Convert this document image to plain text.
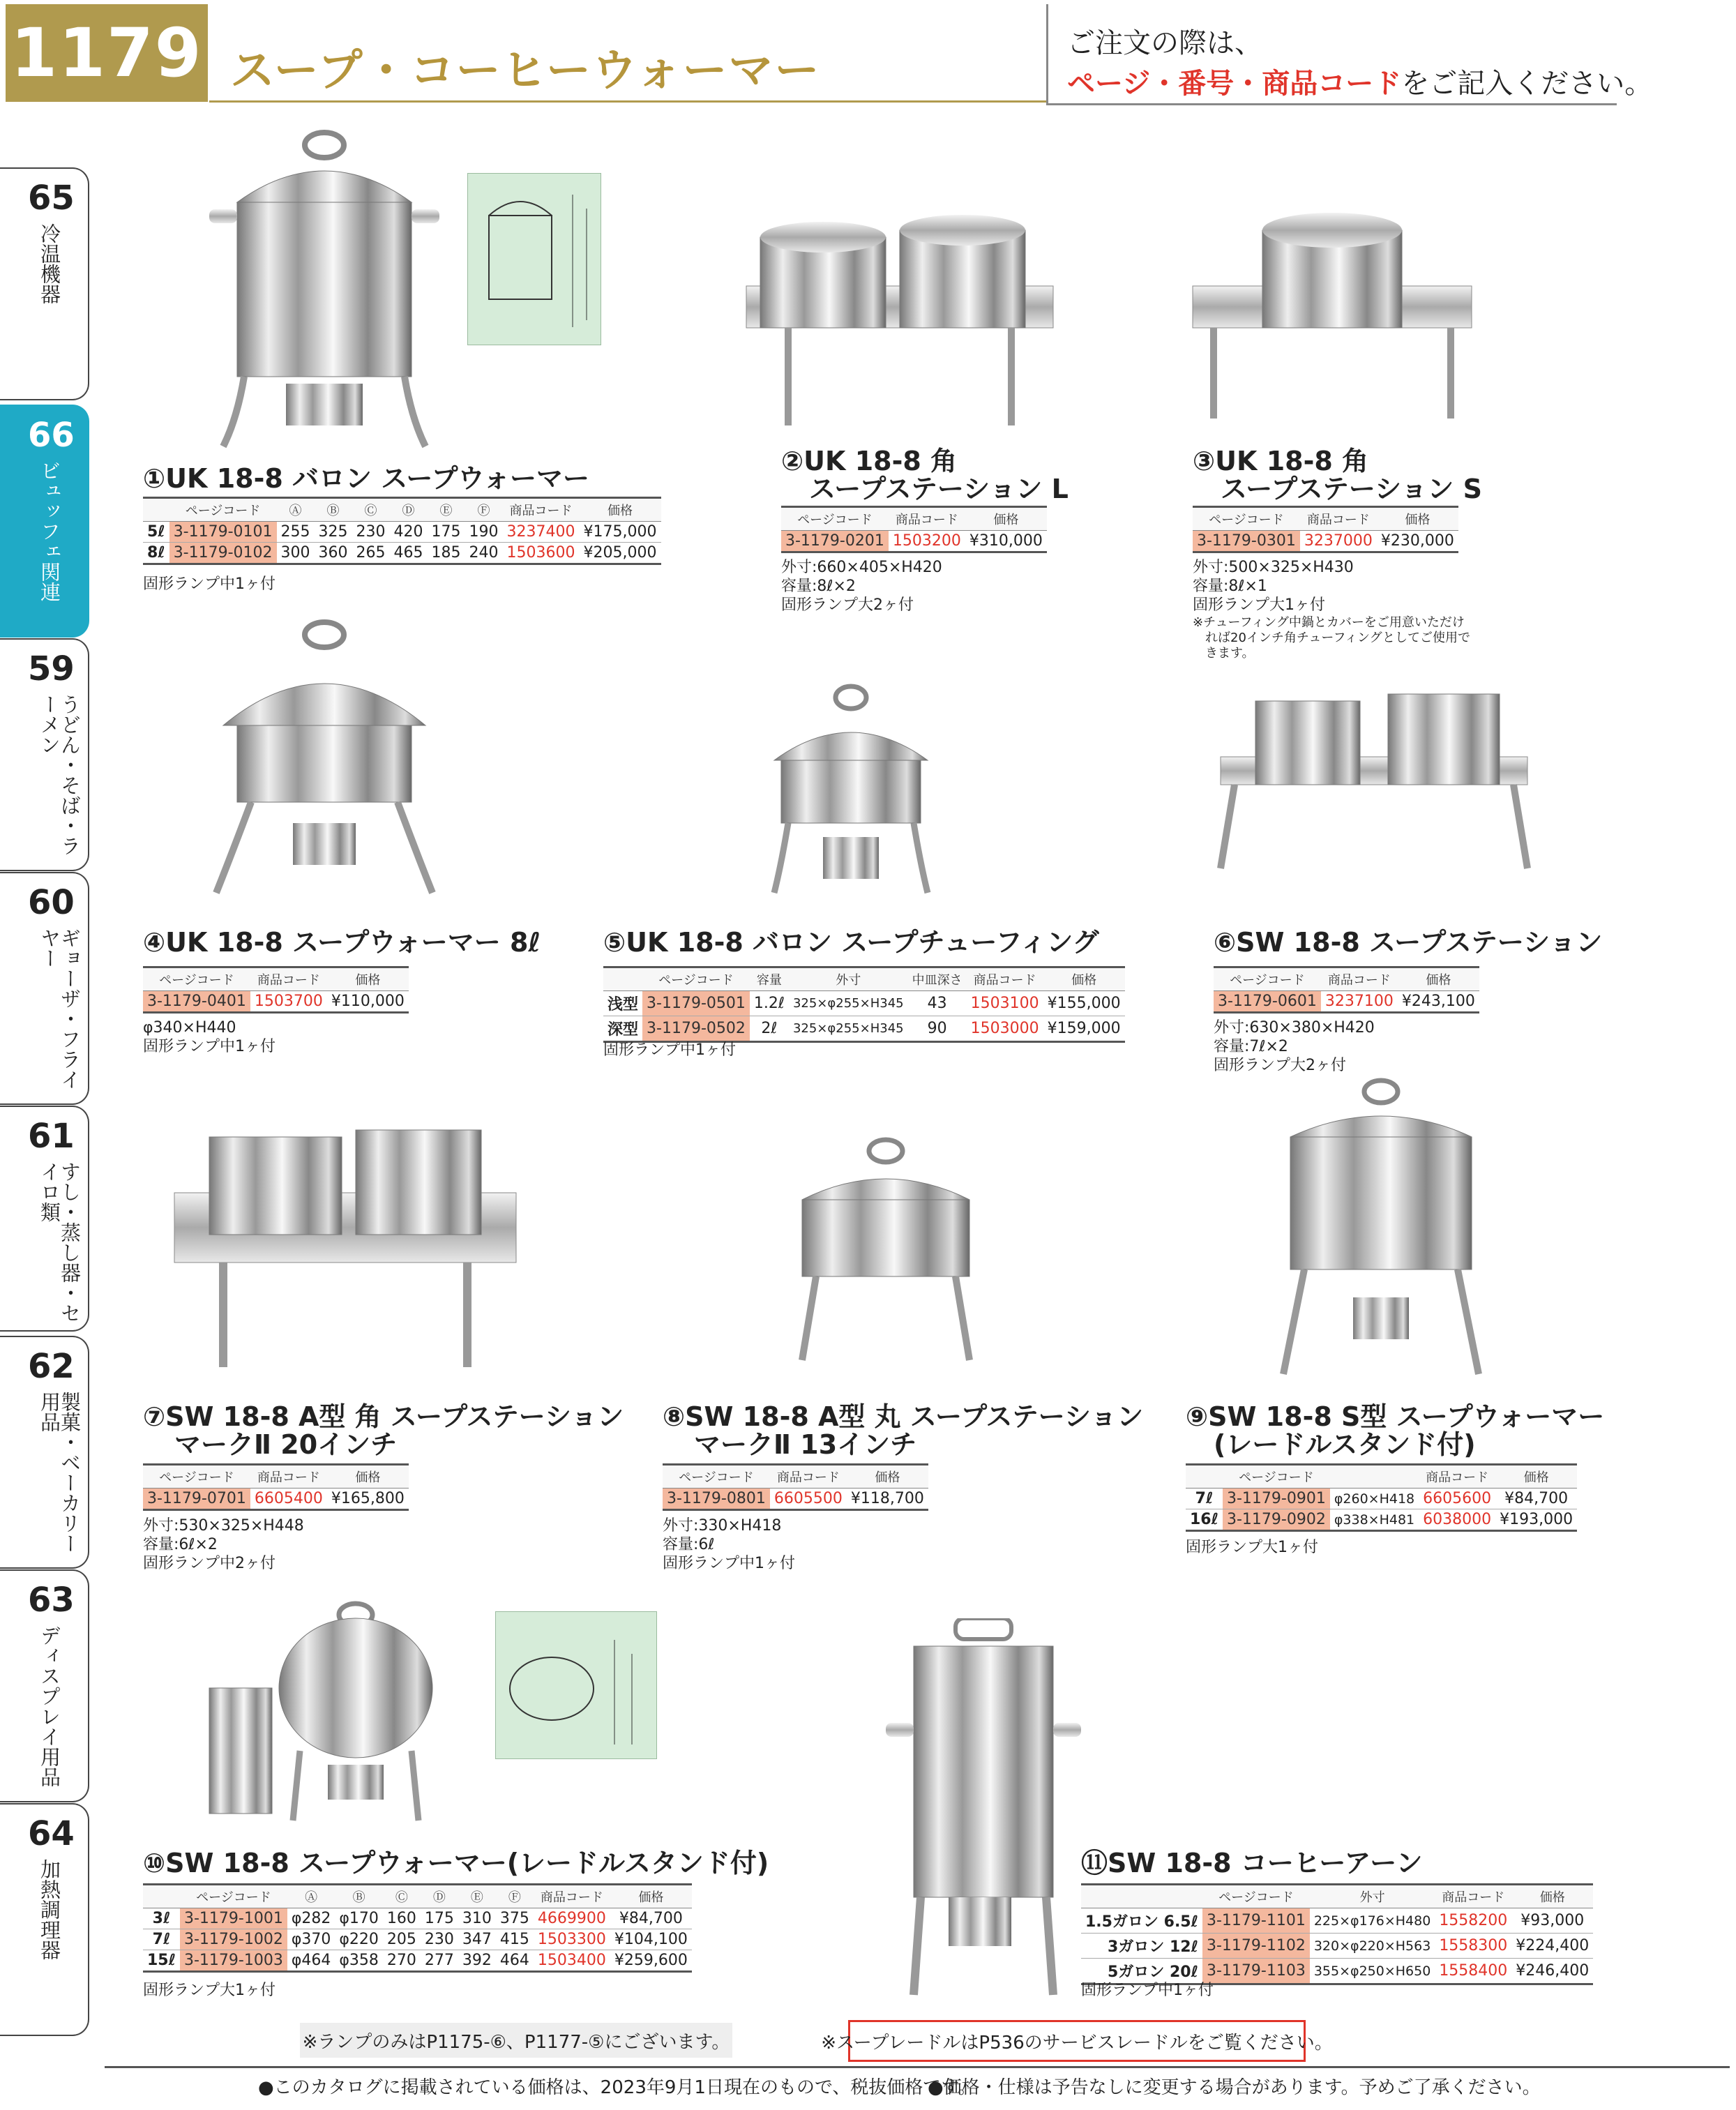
1179 スープ・コーヒーウォーマー
ご注文の際は、
ページ・番号・商品コードをご記入ください。
65
冷温機器
66
ビュッフェ関連
59
うどん・そば・ラーメン
60
ギョーザ・フライヤー
61
すし・蒸し器・セイロ類
62
製菓・ベーカリー用品
63
ディスプレイ用品
64
加熱調理器
①UK 18-8 バロン スープウォーマー
	ページコード	Ⓐ	Ⓑ	Ⓒ	Ⓓ	Ⓔ	Ⓕ	商品コード	価格
5ℓ	3-1179-0101	255	325	230	420	175	190	3237400	¥175,000
8ℓ	3-1179-0102	300	360	265	465	185	240	1503600	¥205,000
固形ランプ中1ヶ付
②UK 18-8 角
スープステーション L
ページコード	商品コード	価格
3-1179-0201	1503200	¥310,000
外寸:660×405×H420
容量:8ℓ×2
固形ランプ大2ヶ付
③UK 18-8 角
スープステーション S
ページコード	商品コード	価格
3-1179-0301	3237000	¥230,000
外寸:500×325×H430
容量:8ℓ×1
固形ランプ大1ヶ付
※チューフィング中鍋とカバーをご用意いただけ
れば20インチ角チューフィングとしてご使用で
きます。
④UK 18-8 スープウォーマー 8ℓ
ページコード	商品コード	価格
3-1179-0401	1503700	¥110,000
φ340×H440
固形ランプ中1ヶ付
⑤UK 18-8 バロン スープチューフィング
	ページコード	容量	外寸	中皿深さ	商品コード	価格
浅型	3-1179-0501	1.2ℓ	325×φ255×H345	43	1503100	¥155,000
深型	3-1179-0502	2ℓ	325×φ255×H345	90	1503000	¥159,000
固形ランプ中1ヶ付
⑥SW 18-8 スープステーション
ページコード	商品コード	価格
3-1179-0601	3237100	¥243,100
外寸:630×380×H420
容量:7ℓ×2
固形ランプ大2ヶ付
⑦SW 18-8 A型 角 スープステーション
マークⅡ 20インチ
ページコード	商品コード	価格
3-1179-0701	6605400	¥165,800
外寸:530×325×H448
容量:6ℓ×2
固形ランプ中2ヶ付
⑧SW 18-8 A型 丸 スープステーション
マークⅡ 13インチ
ページコード	商品コード	価格
3-1179-0801	6605500	¥118,700
外寸:330×H418
容量:6ℓ
固形ランプ中1ヶ付
⑨SW 18-8 S型 スープウォーマー
(レードルスタンド付)
	ページコード		商品コード	価格
7ℓ	3-1179-0901	φ260×H418	6605600	¥84,700
16ℓ	3-1179-0902	φ338×H481	6038000	¥193,000
固形ランプ大1ヶ付
⑩SW 18-8 スープウォーマー(レードルスタンド付)
	ページコード	Ⓐ	Ⓑ	Ⓒ	Ⓓ	Ⓔ	Ⓕ	商品コード	価格
3ℓ	3-1179-1001	φ282	φ170	160	175	310	375	4669900	¥84,700
7ℓ	3-1179-1002	φ370	φ220	205	230	347	415	1503300	¥104,100
15ℓ	3-1179-1003	φ464	φ358	270	277	392	464	1503400	¥259,600
固形ランプ大1ヶ付
⑪SW 18-8 コーヒーアーン
	ページコード	外寸	商品コード	価格
1.5ガロン 6.5ℓ	3-1179-1101	225×φ176×H480	1558200	¥93,000
3ガロン 12ℓ	3-1179-1102	320×φ220×H563	1558300	¥224,400
5ガロン 20ℓ	3-1179-1103	355×φ250×H650	1558400	¥246,400
固形ランプ中1ヶ付
※ランプのみはP1175-⑥、P1177-⑤にございます。	※スープレードルはP536のサービスレードルをご覧ください。
●このカタログに掲載されている価格は、2023年9月1日現在のもので、税抜価格です。
●価格・仕様は予告なしに変更する場合があります。予めご了承ください。
